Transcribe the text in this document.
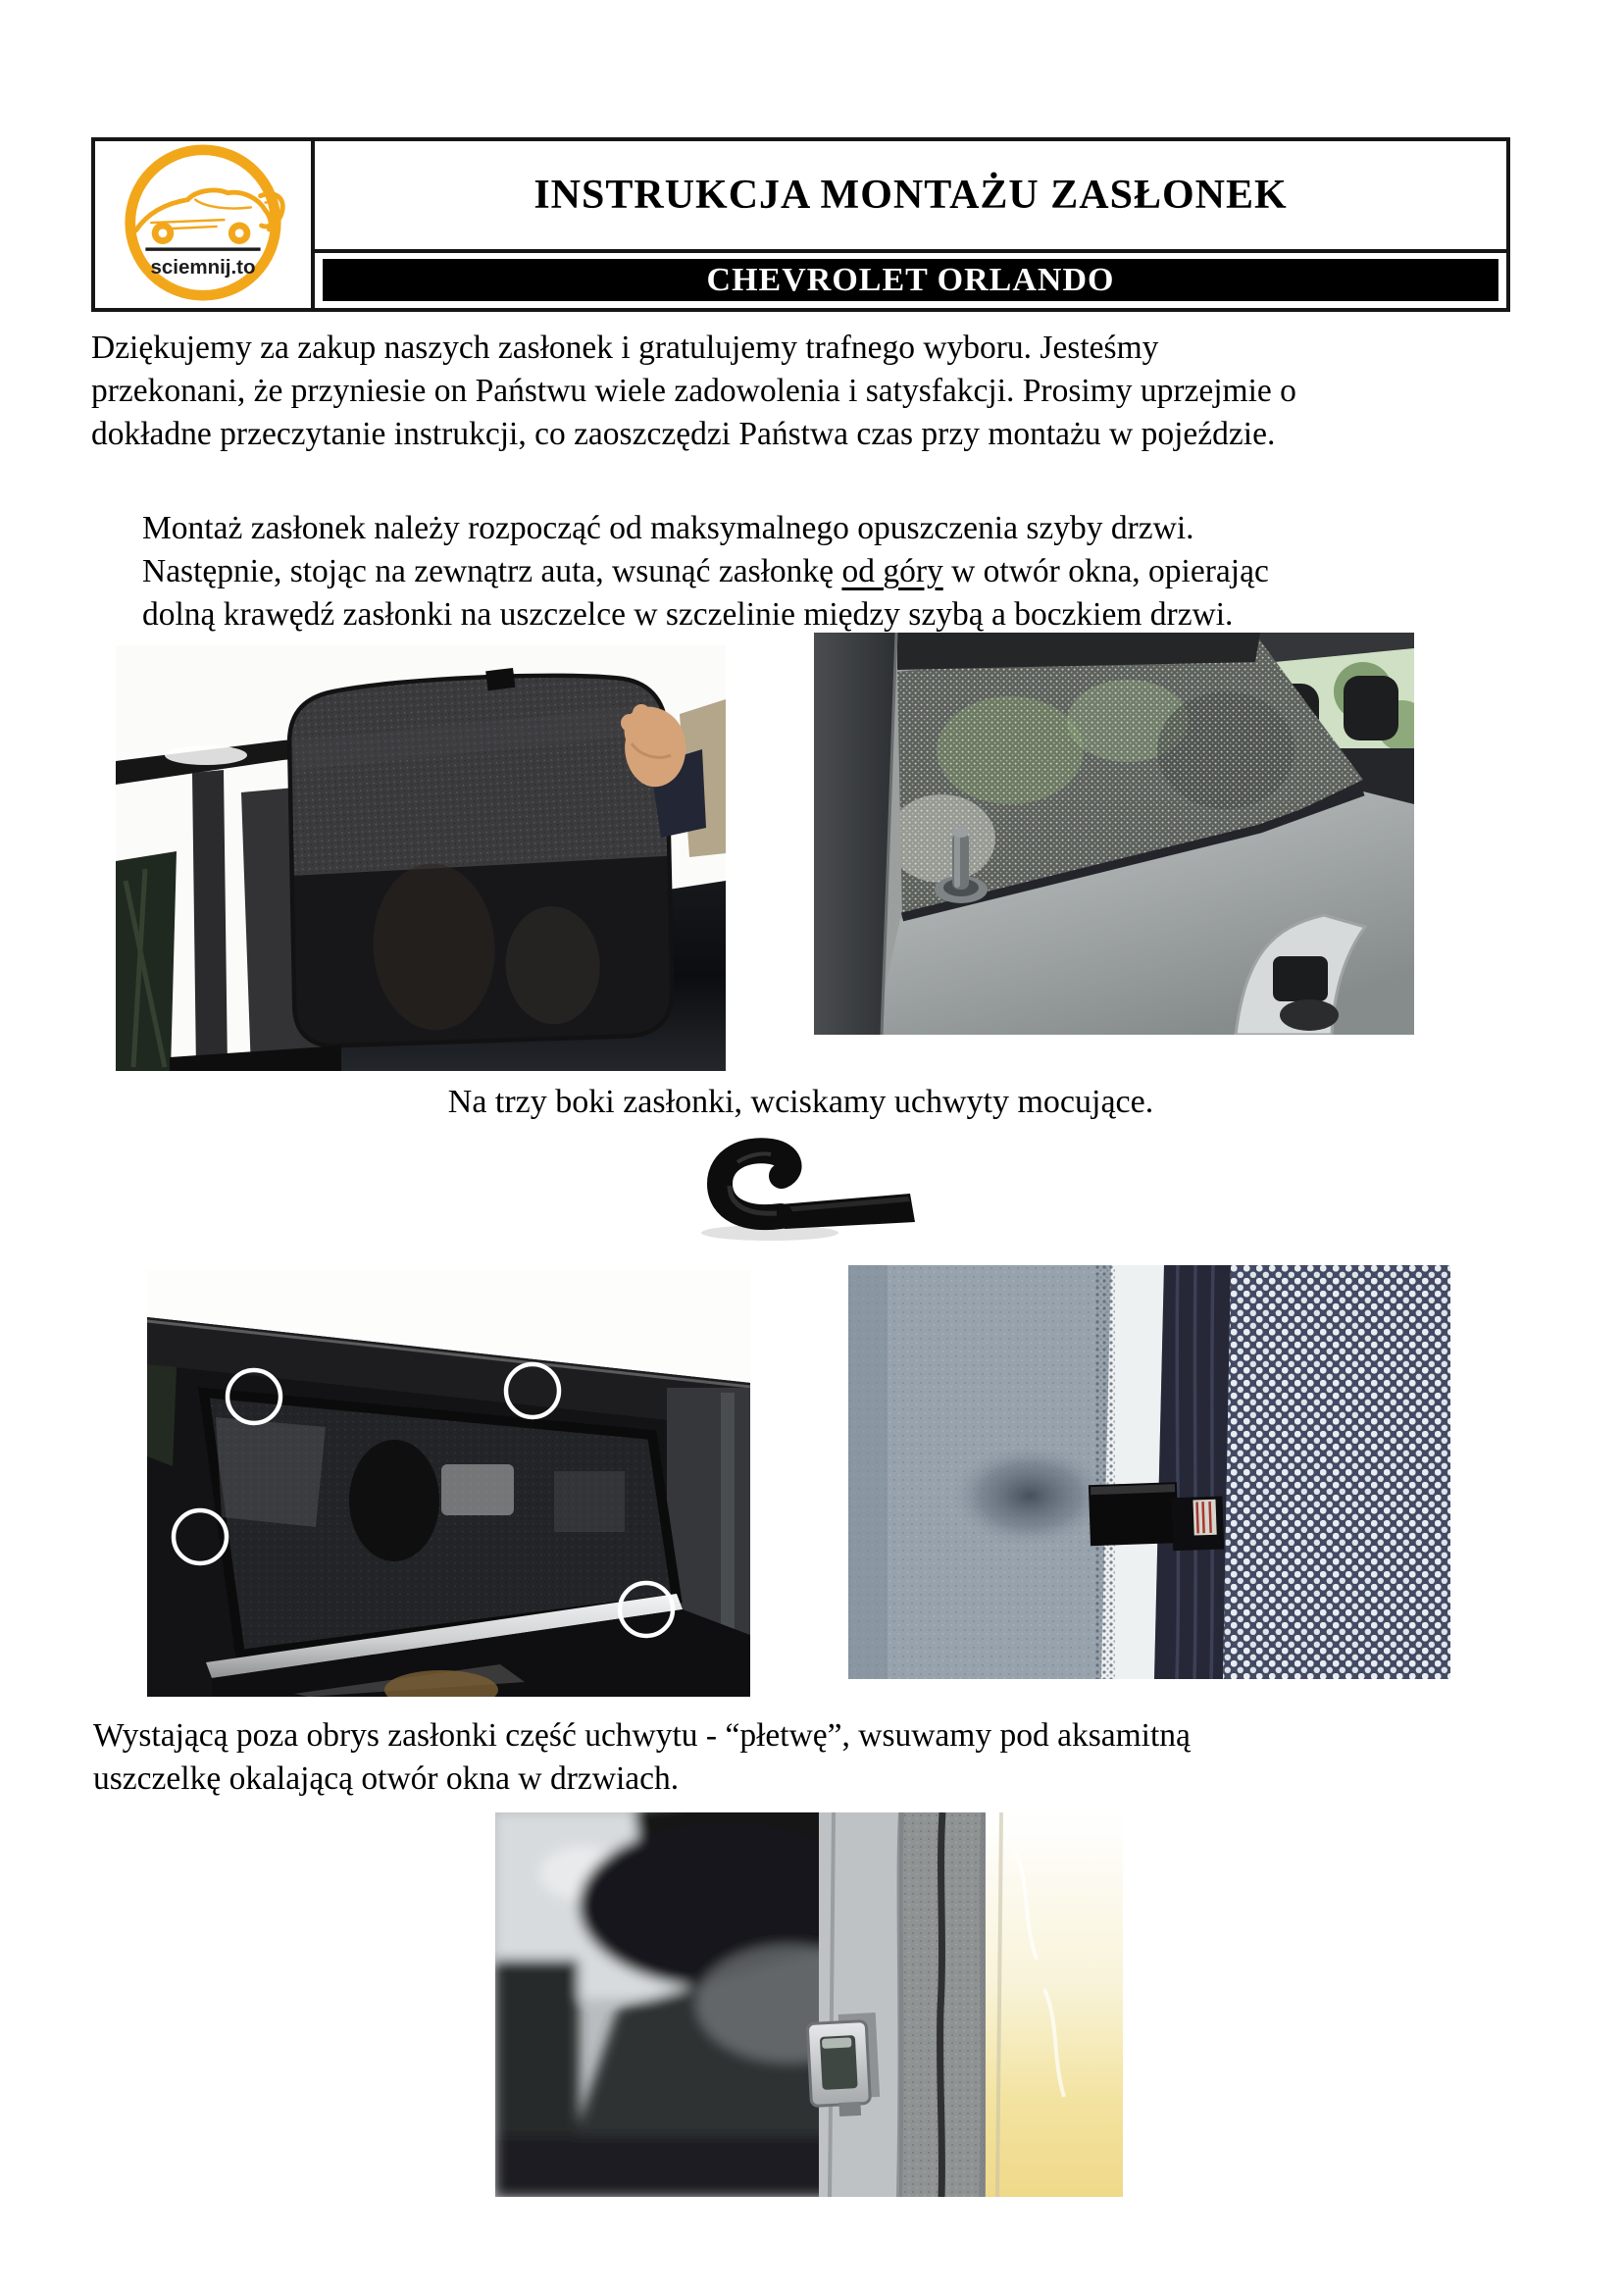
sciemnij.to
INSTRUKCJA MONTAŻU ZASŁONEK
CHEVROLET ORLANDO
Dziękujemy za zakup naszych zasłonek i gratulujemy trafnego wyboru. Jesteśmy
przekonani, że przyniesie on Państwu wiele zadowolenia i satysfakcji. Prosimy uprzejmie o
dokładne przeczytanie instrukcji, co zaoszczędzi Państwa czas przy montażu w pojeździe.
Montaż zasłonek należy rozpocząć od maksymalnego opuszczenia szyby drzwi.
Następnie, stojąc na zewnątrz auta, wsunąć zasłonkę od góry w otwór okna, opierając
dolną krawędź zasłonki na uszczelce w szczelinie między szybą a boczkiem drzwi.
Na trzy boki zasłonki, wciskamy uchwyty mocujące.
Wystającą poza obrys zasłonki część uchwytu - “płetwę”, wsuwamy pod aksamitną
uszczelkę okalającą otwór okna w drzwiach.
